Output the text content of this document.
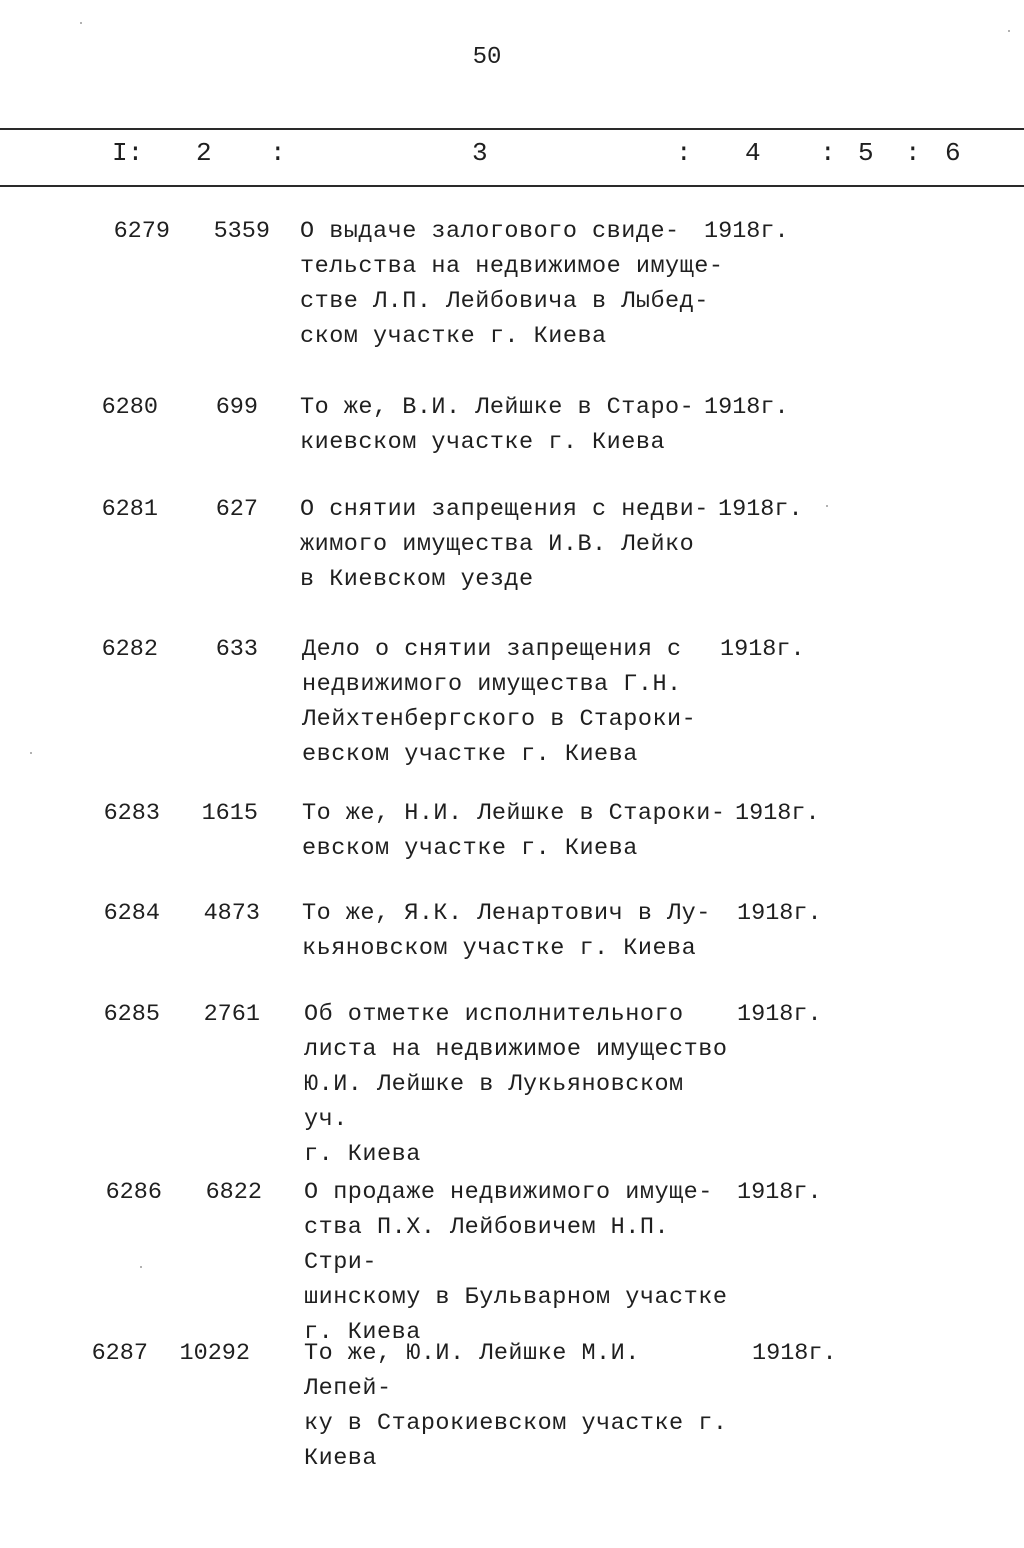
50
I: 2 :	3	: 4 : 5 : 6
6279	5359 О выдаче залогового свиде-
тельства на недвижимое имуще-
стве Л.П. Лейбовича в Лыбед-
ском участке г. Киева
1918г.
6280	699 То же, В.И. Лейшке в Старо-
киевском участке г. Киева
1918г.
6281	627 О снятии запрещения с недви-
жимого имущества И.В. Лейко
в Киевском уезде
1918г.
6282	633 Дело о снятии запрещения с
недвижимого имущества Г.Н.
Лейхтенбергского в Староки-
евском участке г. Киева
1918г.
6283	1615 То же, Н.И. Лейшке в Староки-
евском участке г. Киева
1918г.
6284	4873 То же, Я.К. Ленартович в Лу-
кьяновском участке г. Киева
1918г.
6285	2761 Об отметке исполнительного
листа на недвижимое имущество
Ю.И. Лейшке в Лукьяновском уч.
г. Киева
1918г.
6286	6822 О продаже недвижимого имуще-
ства П.Х. Лейбовичем Н.П. Стри-
шинскому в Бульварном участке
г. Киева
1918г.
6287	10292 То же, Ю.И. Лейшке М.И. Лепей-
ку в Старокиевском участке г.
Киева
1918г.
